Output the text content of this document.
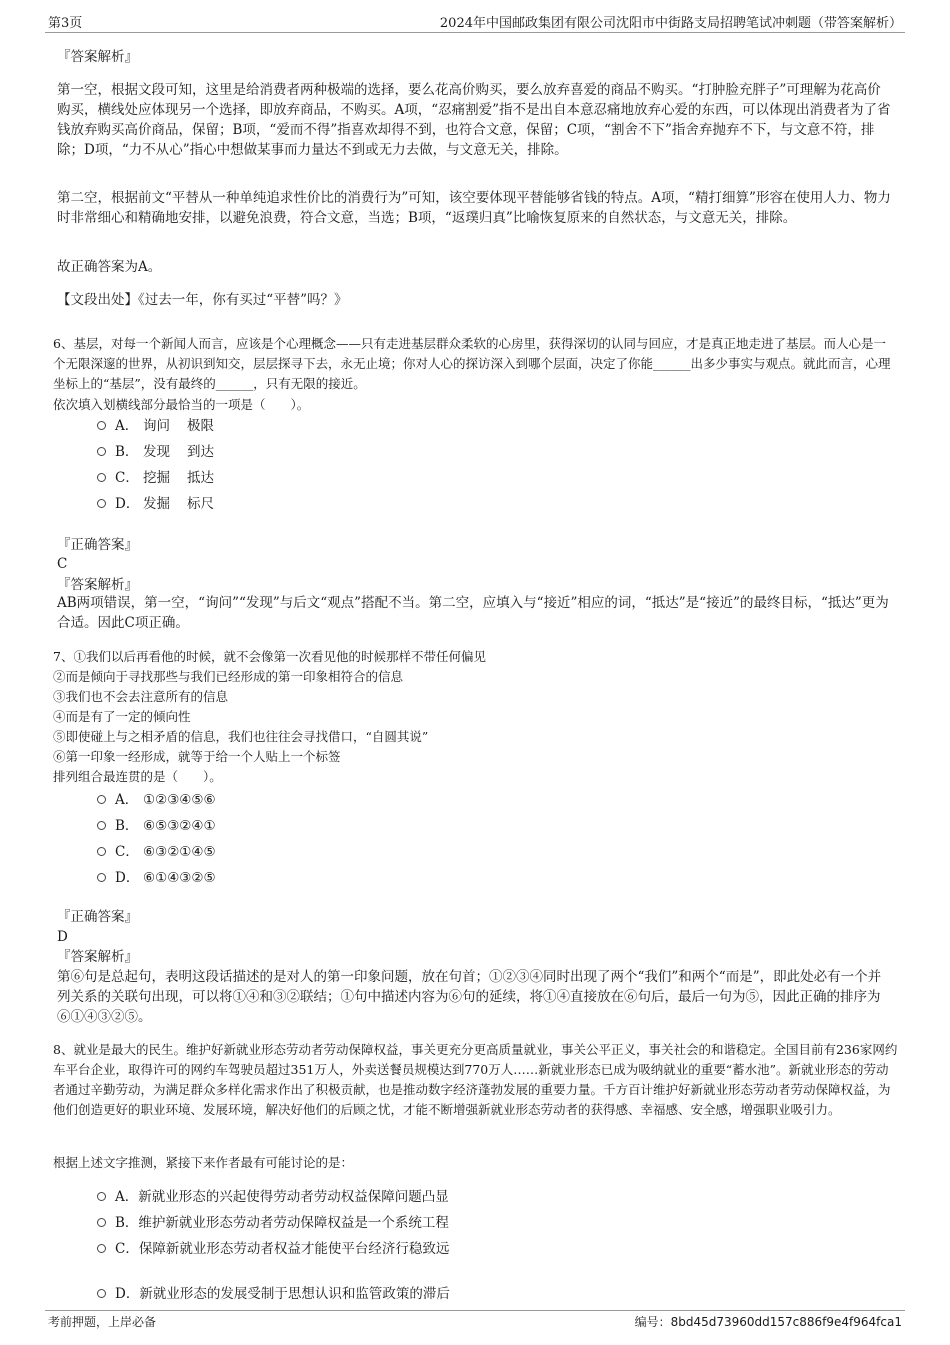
第3页	2024年中国邮政集团有限公司沈阳市中街路支局招聘笔试冲刺题（带答案解析）
『答案解析』
第一空，根据文段可知，这里是给消费者两种极端的选择，要么花高价购买，要么放弃喜爱的商品不购买。“打肿脸充胖子”可理解为花高价购买，横线处应体现另一个选择，即放弃商品，不购买。A项，“忍痛割爱”指不是出自本意忍痛地放弃心爱的东西，可以体现出消费者为了省钱放弃购买高价商品，保留；B项，“爱而不得”指喜欢却得不到，也符合文意，保留；C项，“割舍不下”指舍弃抛弃不下，与文意不符，排除；D项，“力不从心”指心中想做某事而力量达不到或无力去做，与文意无关，排除。
第二空，根据前文“平替从一种单纯追求性价比的消费行为”可知，该空要体现平替能够省钱的特点。A项，“精打细算”形容在使用人力、物力时非常细心和精确地安排，以避免浪费，符合文意，当选；B项，“返璞归真”比喻恢复原来的自然状态，与文意无关，排除。
故正确答案为A。
【文段出处】《过去一年，你有买过“平替”吗？》
6、基层，对每一个新闻人而言，应该是个心理概念——只有走进基层群众柔软的心房里，获得深切的认同与回应，才是真正地走进了基层。而人心是一个无限深邃的世界，从初识到知交，层层探寻下去，永无止境；你对人心的探访深入到哪个层面，决定了你能______出多少事实与观点。就此而言，心理坐标上的“基层”，没有最终的______，只有无限的接近。
依次填入划横线部分最恰当的一项是（　　）。
A． 询问 极限
B． 发现 到达
C． 挖掘 抵达
D． 发掘 标尺
『正确答案』
C
『答案解析』
AB两项错误，第一空，“询问”“发现”与后文“观点”搭配不当。第二空，应填入与“接近”相应的词，“抵达”是“接近”的最终目标，“抵达”更为合适。因此C项正确。
7、①我们以后再看他的时候，就不会像第一次看见他的时候那样不带任何偏见
②而是倾向于寻找那些与我们已经形成的第一印象相符合的信息
③我们也不会去注意所有的信息
④而是有了一定的倾向性
⑤即使碰上与之相矛盾的信息，我们也往往会寻找借口，“自圆其说”
⑥第一印象一经形成，就等于给一个人贴上一个标签
排列组合最连贯的是（　　）。
A． ①②③④⑤⑥
B． ⑥⑤③②④①
C． ⑥③②①④⑤
D． ⑥①④③②⑤
『正确答案』
D
『答案解析』
第⑥句是总起句，表明这段话描述的是对人的第一印象问题，放在句首；①②③④同时出现了两个“我们”和两个“而是”，即此处必有一个并列关系的关联句出现，可以将①④和③②联结；①句中描述内容为⑥句的延续，将①④直接放在⑥句后，最后一句为⑤，因此正确的排序为⑥①④③②⑤。
8、就业是最大的民生。维护好新就业形态劳动者劳动保障权益，事关更充分更高质量就业，事关公平正义，事关社会的和谐稳定。全国目前有236家网约车平台企业，取得许可的网约车驾驶员超过351万人，外卖送餐员规模达到770万人……新就业形态已成为吸纳就业的重要“蓄水池”。新就业形态的劳动者通过辛勤劳动，为满足群众多样化需求作出了积极贡献，也是推动数字经济蓬勃发展的重要力量。千方百计维护好新就业形态劳动者劳动保障权益，为他们创造更好的职业环境、发展环境，解决好他们的后顾之忧，才能不断增强新就业形态劳动者的获得感、幸福感、安全感，增强职业吸引力。
根据上述文字推测，紧接下来作者最有可能讨论的是：
A．新就业形态的兴起使得劳动者劳动权益保障问题凸显
B．维护新就业形态劳动者劳动保障权益是一个系统工程
C．保障新就业形态劳动者权益才能使平台经济行稳致远
D．新就业形态的发展受制于思想认识和监管政策的滞后
考前押题，上岸必备	编号：8bd45d73960dd157c886f9e4f964fca1
